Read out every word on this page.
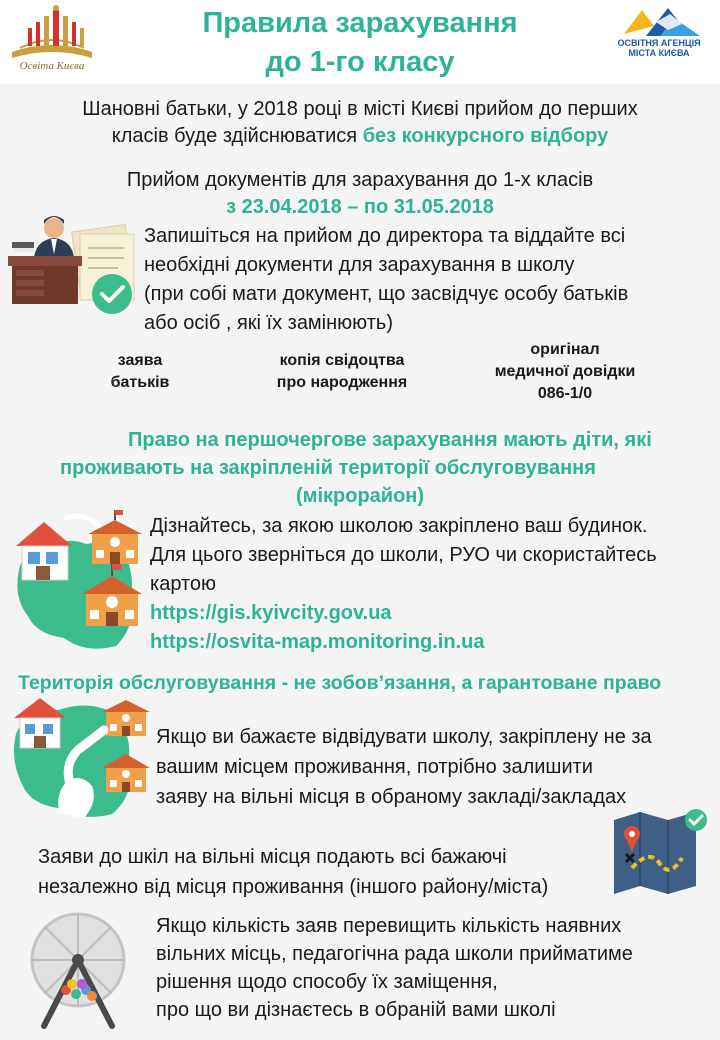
Освіта Києва
Правила зарахування
до 1-го класу
ОСВІТНЯ АГЕНЦІЯ
МІСТА КИЄВА
Шановні батьки, у 2018 році в місті Києві прийом до перших
класів буде здійснюватися без конкурсного відбору
Прийом документів для зарахування до 1-х класів
з 23.04.2018 – по 31.05.2018
Запишіться на прийом до директора та віддайте всі
необхідні документи для зарахування в школу
(при собі мати документ, що засвідчує особу батьків
або осіб , які їх замінюють)
заява
батьків
копія свідоцтва
про народження
оригінал
медичної довідки
086-1/0
Право на першочергове зарахування мають діти, які
проживають на закріпленій території обслуговування
(мікрорайон)
Дізнайтесь, за якою школою закріплено ваш будинок.
Для цього зверніться до школи, РУО чи скористайтесь
картою
https://gis.kyivcity.gov.ua
https://osvita-map.monitoring.in.ua
Територія обслуговування - не зобов’язання, а гарантоване право
Якщо ви бажаєте відвідувати школу, закріплену не за
вашим місцем проживання, потрібно залишити
заяву на вільні місця в обраному закладі/закладах
Заяви до шкіл на вільні місця подають всі бажаючі
незалежно від місця проживання (іншого району/міста)
Якщо кількість заяв перевищить кількість наявних
вільних місць, педагогічна рада школи прийматиме
рішення щодо способу їх заміщення,
про що ви дізнаєтесь в обраній вами школі
